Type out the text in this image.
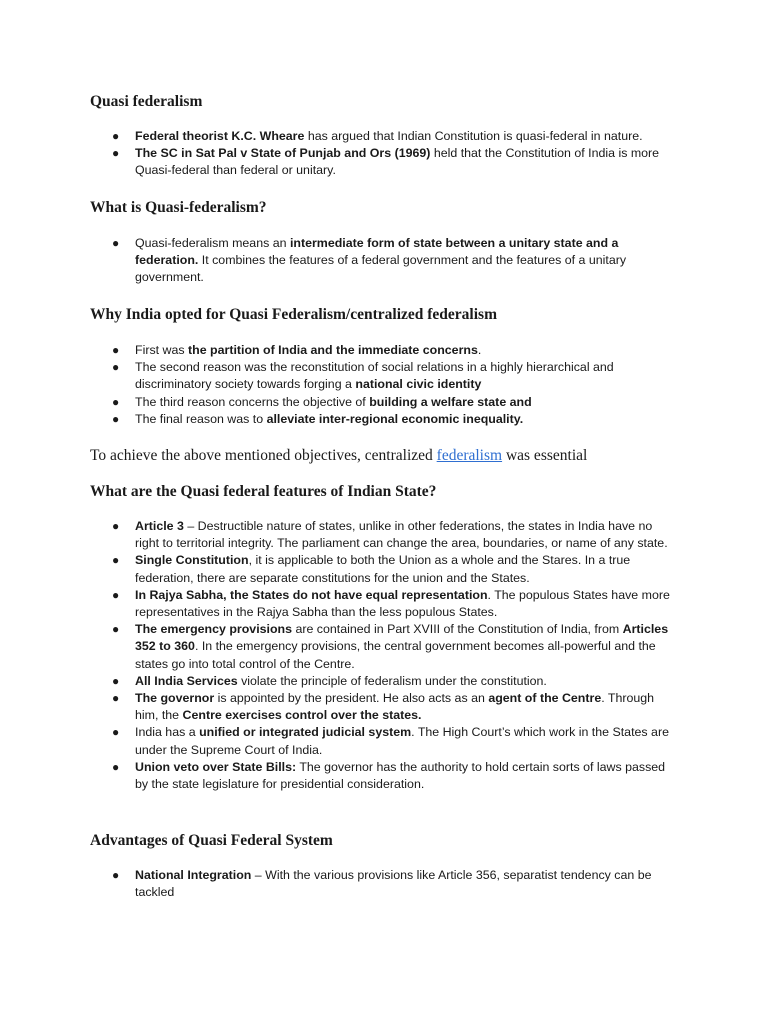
Quasi federalism
● Federal theorist K.C. Wheare has argued that Indian Constitution is quasi-federal in nature.
● The SC in Sat Pal v State of Punjab and Ors (1969) held that the Constitution of India is more Quasi-federal than federal or unitary.
What is Quasi-federalism?
● Quasi-federalism means an intermediate form of state between a unitary state and a federation. It combines the features of a federal government and the features of a unitary government.
Why India opted for Quasi Federalism/centralized federalism
● First was the partition of India and the immediate concerns.
● The second reason was the reconstitution of social relations in a highly hierarchical and discriminatory society towards forging a national civic identity
● The third reason concerns the objective of building a welfare state and
● The final reason was to alleviate inter-regional economic inequality.

To achieve the above mentioned objectives, centralized federalism was essential

What are the Quasi federal features of Indian State?
● Article 3 – Destructible nature of states, unlike in other federations, the states in India have no right to territorial integrity. The parliament can change the area, boundaries, or name of any state.
● Single Constitution, it is applicable to both the Union as a whole and the Stares. In a true federation, there are separate constitutions for the union and the States.
● In Rajya Sabha, the States do not have equal representation. The populous States have more representatives in the Rajya Sabha than the less populous States.
● The emergency provisions are contained in Part XVIII of the Constitution of India, from Articles 352 to 360. In the emergency provisions, the central government becomes all-powerful and the states go into total control of the Centre.
● All India Services violate the principle of federalism under the constitution.
● The governor is appointed by the president. He also acts as an agent of the Centre. Through him, the Centre exercises control over the states.
● India has a unified or integrated judicial system. The High Court’s which work in the States are under the Supreme Court of India.
● Union veto over State Bills: The governor has the authority to hold certain sorts of laws passed by the state legislature for presidential consideration.
Advantages of Quasi Federal System
● National Integration – With the various provisions like Article 356, separatist tendency can be tackled
